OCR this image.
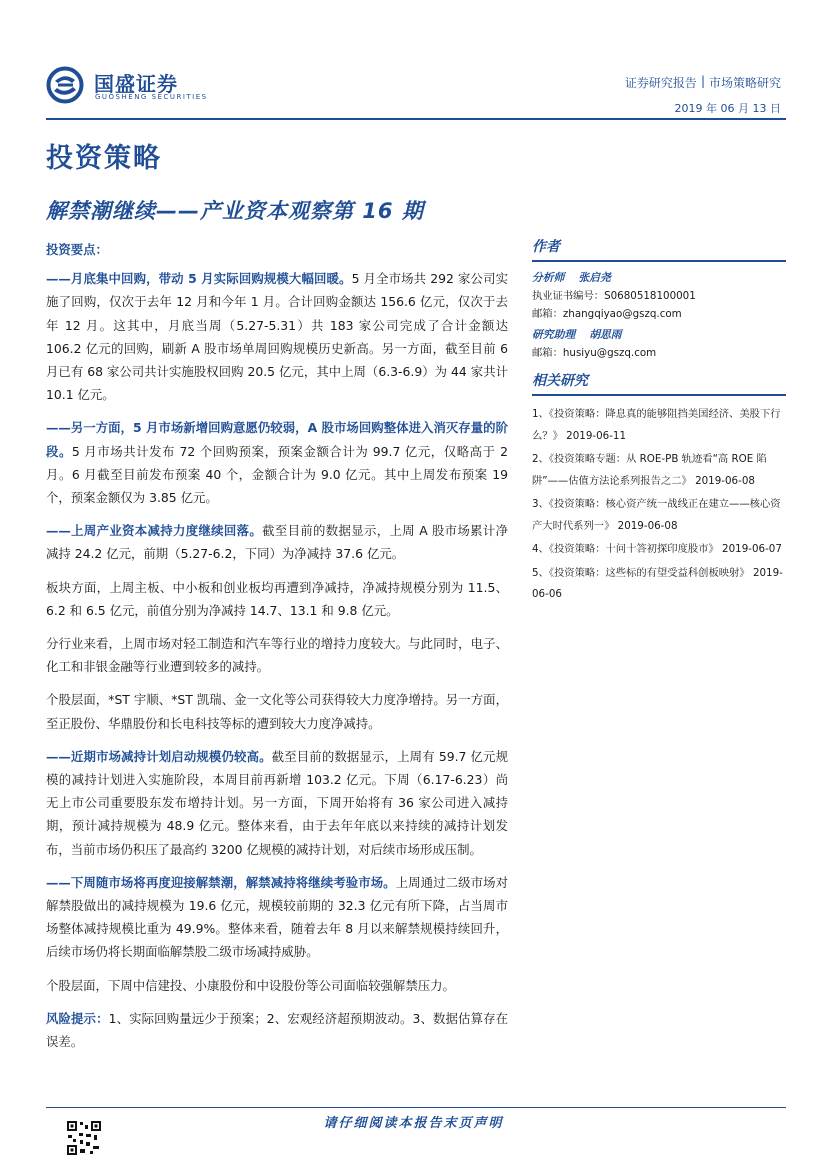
国盛证券
GUOSHENG SECURITIES
证券研究报告 | 市场策略研究
2019 年 06 月 13 日
投资策略
解禁潮继续——产业资本观察第 16 期

投资要点：

——月底集中回购，带动 5 月实际回购规模大幅回暖。5 月全市场共 292 家公司实施了回购，仅次于去年 12 月和今年 1 月。合计回购金额达 156.6 亿元，仅次于去年 12 月。这其中，月底当周（5.27-5.31）共 183 家公司完成了合计金额达 106.2 亿元的回购，刷新 A 股市场单周回购规模历史新高。另一方面，截至目前 6 月已有 68 家公司共计实施股权回购 20.5 亿元，其中上周（6.3-6.9）为 44 家共计 10.1 亿元。

——另一方面，5 月市场新增回购意愿仍较弱，A 股市场回购整体进入消灭存量的阶段。5 月市场共计发布 72 个回购预案，预案金额合计为 99.7 亿元，仅略高于 2 月。6 月截至目前发布预案 40 个，金额合计为 9.0 亿元。其中上周发布预案 19 个，预案金额仅为 3.85 亿元。

——上周产业资本减持力度继续回落。截至目前的数据显示，上周 A 股市场累计净减持 24.2 亿元，前期（5.27-6.2，下同）为净减持 37.6 亿元。

板块方面，上周主板、中小板和创业板均再遭到净减持，净减持规模分别为 11.5、6.2 和 6.5 亿元，前值分别为净减持 14.7、13.1 和 9.8 亿元。

分行业来看，上周市场对轻工制造和汽车等行业的增持力度较大。与此同时，电子、化工和非银金融等行业遭到较多的减持。

个股层面，*ST 宇顺、*ST 凯瑞、金一文化等公司获得较大力度净增持。另一方面，至正股份、华鼎股份和长电科技等标的遭到较大力度净减持。

——近期市场减持计划启动规模仍较高。截至目前的数据显示，上周有 59.7 亿元规模的减持计划进入实施阶段，本周目前再新增 103.2 亿元。下周（6.17-6.23）尚无上市公司重要股东发布增持计划。另一方面，下周开始将有 36 家公司进入减持期，预计减持规模为 48.9 亿元。整体来看，由于去年年底以来持续的减持计划发布，当前市场仍积压了最高约 3200 亿规模的减持计划，对后续市场形成压制。

——下周随市场将再度迎接解禁潮，解禁减持将继续考验市场。上周通过二级市场对解禁股做出的减持规模为 19.6 亿元，规模较前期的 32.3 亿元有所下降，占当周市场整体减持规模比重为 49.9%。整体来看，随着去年 8 月以来解禁规模持续回升，后续市场仍将长期面临解禁股二级市场减持威胁。

个股层面，下周中信建投、小康股份和中设股份等公司面临较强解禁压力。

风险提示：1、实际回购量远少于预案；2、宏观经济超预期波动。3、数据估算存在误差。

作者
分析师 张启尧
执业证书编号：S0680518100001
邮箱：zhangqiyao@gszq.com
研究助理 胡思雨
邮箱：husiyu@gszq.com
相关研究
1、《投资策略：降息真的能够阻挡美国经济、美股下行么？》 2019-06-11
2、《投资策略专题：从 ROE-PB 轨迹看“高 ROE 陷阱”——估值方法论系列报告之二》 2019-06-08
3、《投资策略：核心资产统一战线正在建立——核心资产大时代系列一》 2019-06-08
4、《投资策略：十问十答初探印度股市》 2019-06-07
5、《投资策略：这些标的有望受益科创板映射》 2019-06-06
请仔细阅读本报告末页声明
